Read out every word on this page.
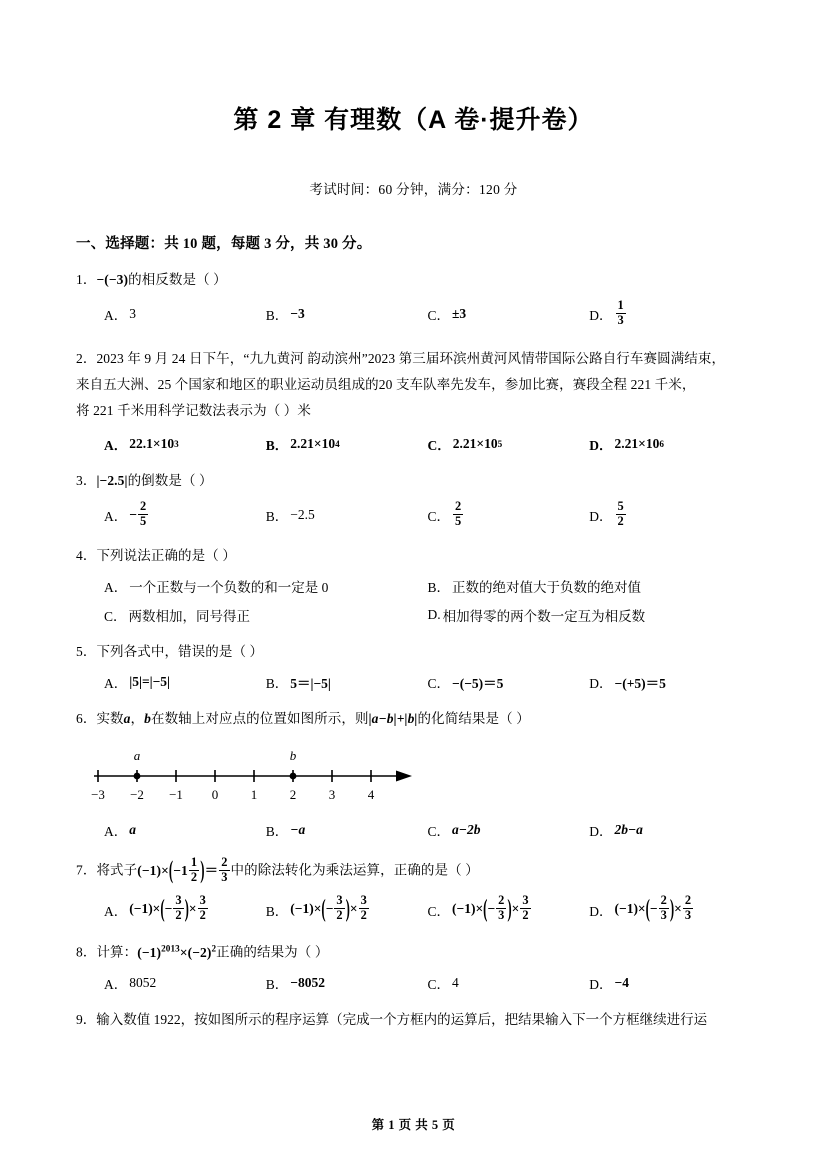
第 2 章 有理数（A 卷·提升卷）
考试时间：60 分钟，满分：120 分
一、选择题：共 10 题，每题 3 分，共 30 分。
1．−(−3)的相反数是（ ）
A． 3	B． −3	C． ±3	D． $\frac{1}{3}$
2．2023 年 9 月 24 日下午，“九九黄河 韵动滨州”2023 第三届环滨州黄河风情带国际公路自行车赛圆满结束，
来自五大洲、25 个国家和地区的职业运动员组成的20 支车队率先发车，参加比赛，赛段全程 221 千米，
将 221 千米用科学记数法表示为（ ）米
A． 22.1×10 3	B． 2.21×10 4	C． 2.21×10 5	D． 2.21×10 6
3．|−2.5|的倒数是（ ）
A． − $\frac{2}{5}$	B． −2.5	C． $\frac{2}{5}$	D． $\frac{5}{2}$
4．下列说法正确的是（ ）
A． 一个正数与一个负数的和一定是 0	B． 正数的绝对值大于负数的绝对值
C． 两数相加，同号得正	D. 相加得零的两个数一定互为相反数
5．下列各式中，错误的是（ ）
A． |5|=|−5|	B． 5＝|−5|	C． −(−5)＝5	D． −(+5)＝5
6．实数a，b在数轴上对应点的位置如图所示，则|a−b|+|b|的化简结果是（ ）
a	b
−3 −2 −1 0	1	2	3	4
A． a	B． −a	C． a−2b	D． 2b−a
7．将式子(−1)× ( $-1 \frac{1}{2}$ ) ＝ $\frac{2}{3}$ 中的除法转化为乘法运算，正确的是（ ）
A． (−1)× ( − $\frac{3}{2}$ ) × $\frac{3}{2}$	B． (−1)× ( − $\frac{3}{2}$ ) × $\frac{3}{2}$	C． (−1)× ( − $\frac{2}{3}$ ) × $\frac{3}{2}$	D． (−1)× ( − $\frac{2}{3}$ ) × $\frac{2}{3}$
8．计算：$(-1)^{2013}\times(-2)^2$正确的结果为（ ）
A． 8052	B． −8052	C． 4	D． −4
9．输入数值 1922，按如图所示的程序运算（完成一个方框内的运算后，把结果输入下一个方框继续进行运
第 1 页 共 5 页
